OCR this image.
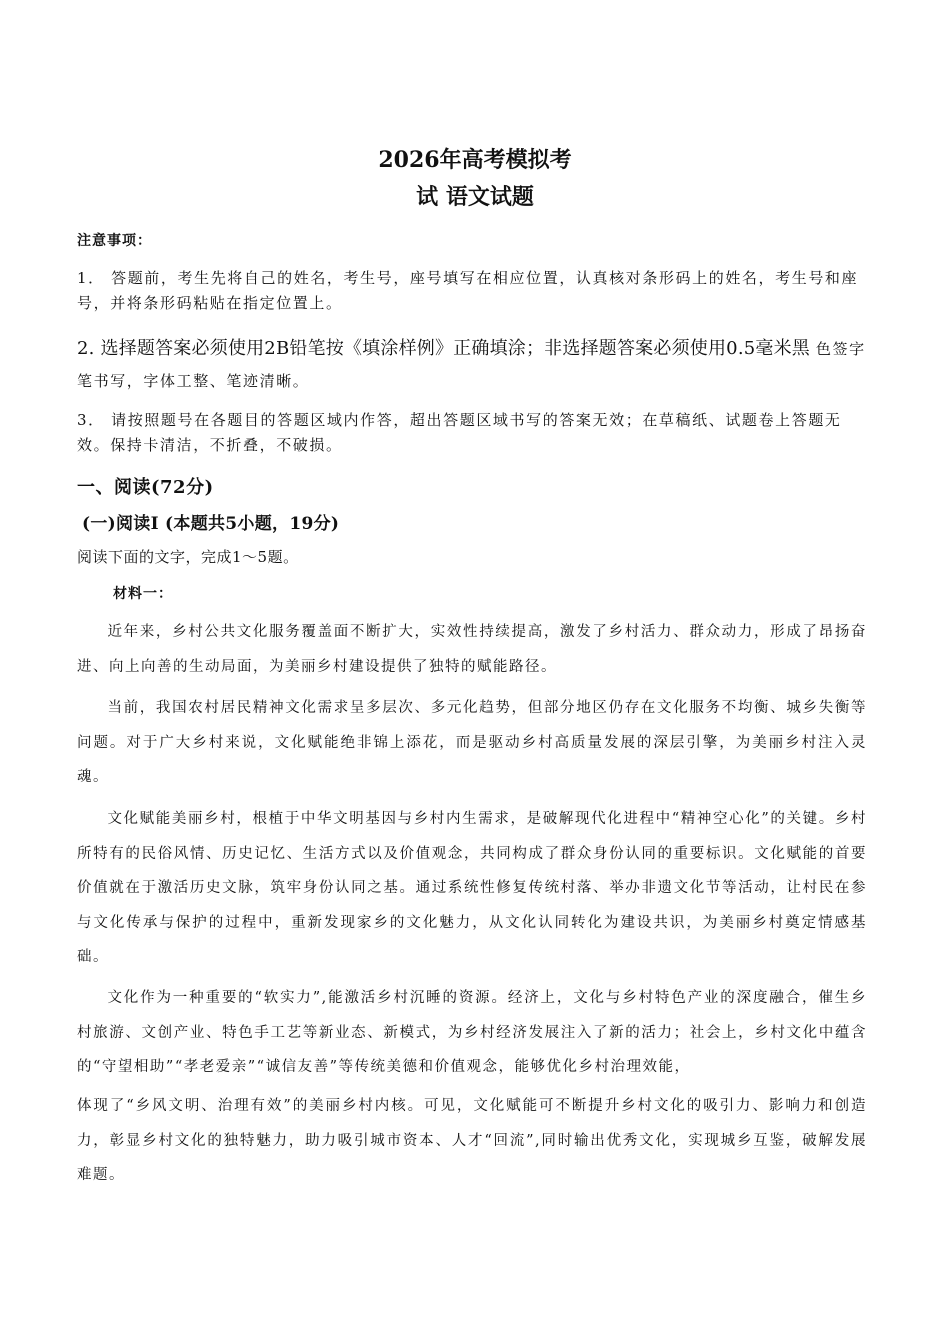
2026年高考模拟考
试 语文试题
注意事项：
1． 答题前，考生先将自己的姓名，考生号，座号填写在相应位置，认真核对条形码上的姓名，考生号和座号，并将条形码粘贴在指定位置上。
2. 选择题答案必须使用2B铅笔按《填涂样例》正确填涂；非选择题答案必须使用0.5毫米黑 色签字笔书写，字体工整、笔迹清晰。
3． 请按照题号在各题目的答题区域内作答，超出答题区域书写的答案无效；在草稿纸、试题卷上答题无效。保持卡清洁，不折叠，不破损。
一、阅读(72分)
(一)阅读Ⅰ (本题共5小题，19分)
阅读下面的文字，完成1～5题。
材料一：
近年来，乡村公共文化服务覆盖面不断扩大，实效性持续提高，激发了乡村活力、群众动力，形成了昂扬奋进、向上向善的生动局面，为美丽乡村建设提供了独特的赋能路径。
当前，我国农村居民精神文化需求呈多层次、多元化趋势，但部分地区仍存在文化服务不均衡、城乡失衡等问题。对于广大乡村来说，文化赋能绝非锦上添花，而是驱动乡村高质量发展的深层引擎，为美丽乡村注入灵魂。
文化赋能美丽乡村，根植于中华文明基因与乡村内生需求，是破解现代化进程中“精神空心化”的关键。乡村所特有的民俗风情、历史记忆、生活方式以及价值观念，共同构成了群众身份认同的重要标识。文化赋能的首要价值就在于激活历史文脉，筑牢身份认同之基。通过系统性修复传统村落、举办非遗文化节等活动，让村民在参与文化传承与保护的过程中，重新发现家乡的文化魅力，从文化认同转化为建设共识，为美丽乡村奠定情感基础。
文化作为一种重要的“软实力”,能激活乡村沉睡的资源。经济上，文化与乡村特色产业的深度融合，催生乡村旅游、文创产业、特色手工艺等新业态、新模式，为乡村经济发展注入了新的活力；社会上，乡村文化中蕴含的“守望相助”“孝老爱亲”“诚信友善”等传统美德和价值观念，能够优化乡村治理效能，
体现了“乡风文明、治理有效”的美丽乡村内核。可见，文化赋能可不断提升乡村文化的吸引力、影响力和创造力，彰显乡村文化的独特魅力，助力吸引城市资本、人才“回流”,同时输出优秀文化，实现城乡互鉴，破解发展难题。
